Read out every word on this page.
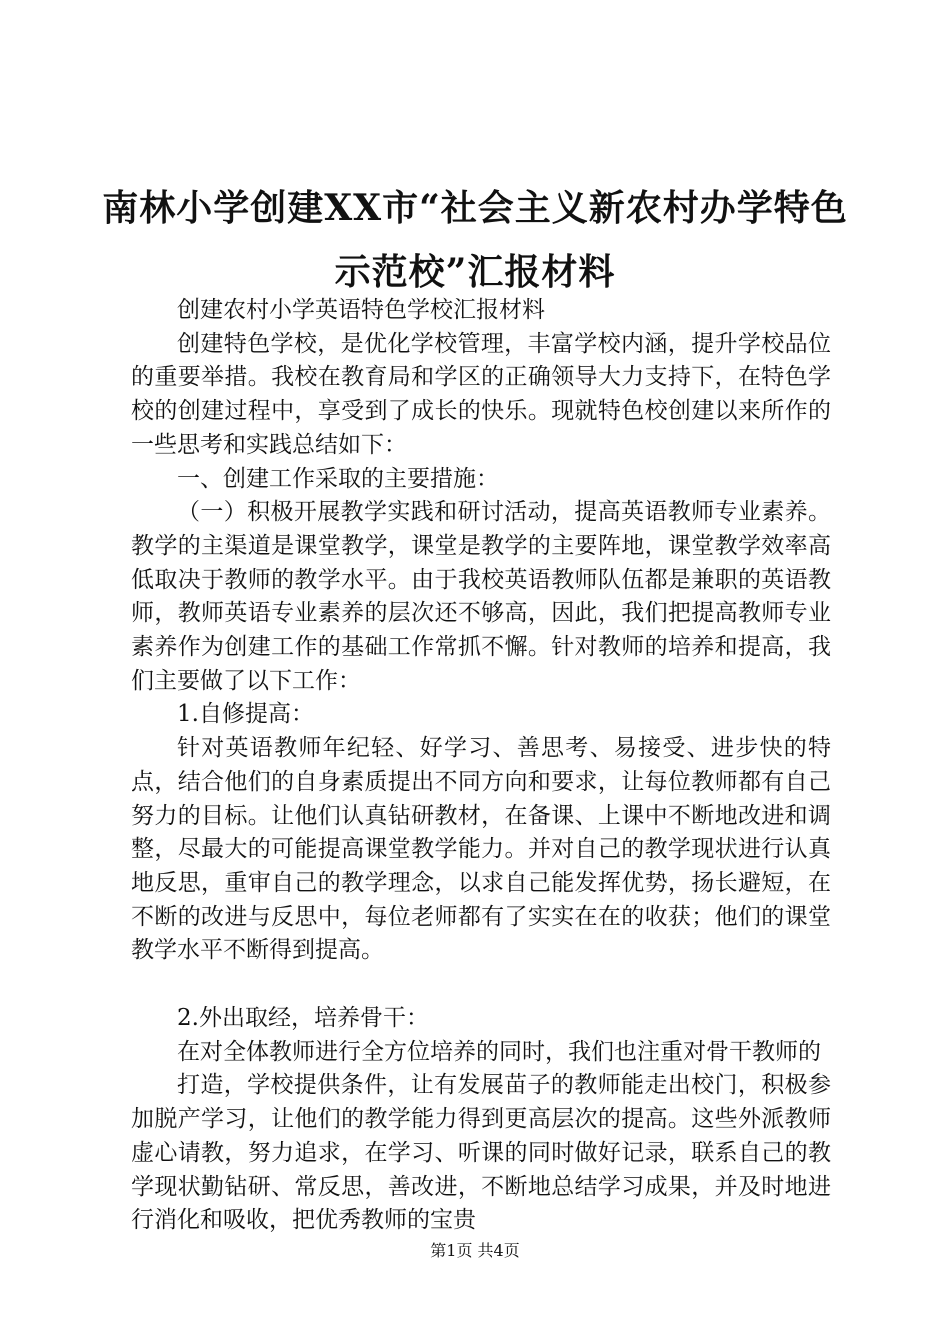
南林小学创建XX市“社会主义新农村办学特色示范校”汇报材料

创建农村小学英语特色学校汇报材料

创建特色学校，是优化学校管理，丰富学校内涵，提升学校品位的重要举措。我校在教育局和学区的正确领导大力支持下，在特色学校的创建过程中，享受到了成长的快乐。现就特色校创建以来所作的一些思考和实践总结如下：

一、创建工作采取的主要措施：

（一）积极开展教学实践和研讨活动，提高英语教师专业素养。教学的主渠道是课堂教学，课堂是教学的主要阵地，课堂教学效率高低取决于教师的教学水平。由于我校英语教师队伍都是兼职的英语教师，教师英语专业素养的层次还不够高，因此，我们把提高教师专业素养作为创建工作的基础工作常抓不懈。针对教师的培养和提高，我们主要做了以下工作：

1.自修提高：

针对英语教师年纪轻、好学习、善思考、易接受、进步快的特点，结合他们的自身素质提出不同方向和要求，让每位教师都有自己努力的目标。让他们认真钻研教材，在备课、上课中不断地改进和调整，尽最大的可能提高课堂教学能力。并对自己的教学现状进行认真地反思，重审自己的教学理念，以求自己能发挥优势，扬长避短，在不断的改进与反思中，每位老师都有了实实在在的收获；他们的课堂教学水平不断得到提高。

2.外出取经，培养骨干：

在对全体教师进行全方位培养的同时，我们也注重对骨干教师的

打造，学校提供条件，让有发展苗子的教师能走出校门，积极参加脱产学习，让他们的教学能力得到更高层次的提高。这些外派教师虚心请教，努力追求，在学习、听课的同时做好记录，联系自己的教学现状勤钻研、常反思，善改进，不断地总结学习成果，并及时地进行消化和吸收，把优秀教师的宝贵

第1页 共4页
